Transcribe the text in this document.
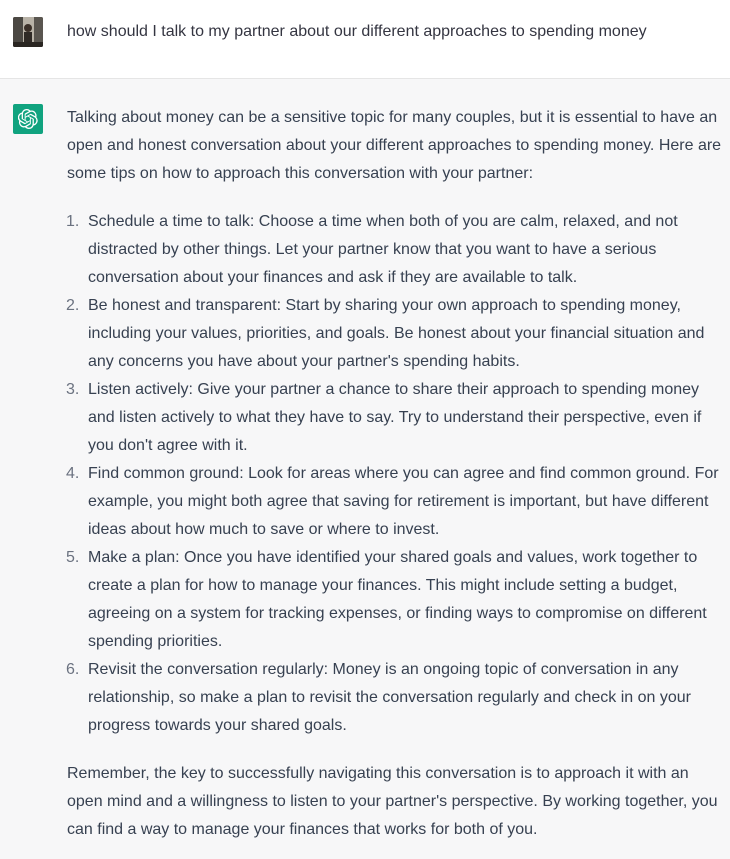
how should I talk to my partner about our different approaches to spending money

Talking about money can be a sensitive topic for many couples, but it is essential to have an open and honest conversation about your different approaches to spending money. Here are some tips on how to approach this conversation with your partner:

1. Schedule a time to talk: Choose a time when both of you are calm, relaxed, and not distracted by other things. Let your partner know that you want to have a serious conversation about your finances and ask if they are available to talk.
2. Be honest and transparent: Start by sharing your own approach to spending money, including your values, priorities, and goals. Be honest about your financial situation and any concerns you have about your partner's spending habits.
3. Listen actively: Give your partner a chance to share their approach to spending money and listen actively to what they have to say. Try to understand their perspective, even if you don't agree with it.
4. Find common ground: Look for areas where you can agree and find common ground. For example, you might both agree that saving for retirement is important, but have different ideas about how much to save or where to invest.
5. Make a plan: Once you have identified your shared goals and values, work together to create a plan for how to manage your finances. This might include setting a budget, agreeing on a system for tracking expenses, or finding ways to compromise on different spending priorities.
6. Revisit the conversation regularly: Money is an ongoing topic of conversation in any relationship, so make a plan to revisit the conversation regularly and check in on your progress towards your shared goals.

Remember, the key to successfully navigating this conversation is to approach it with an open mind and a willingness to listen to your partner's perspective. By working together, you can find a way to manage your finances that works for both of you.
